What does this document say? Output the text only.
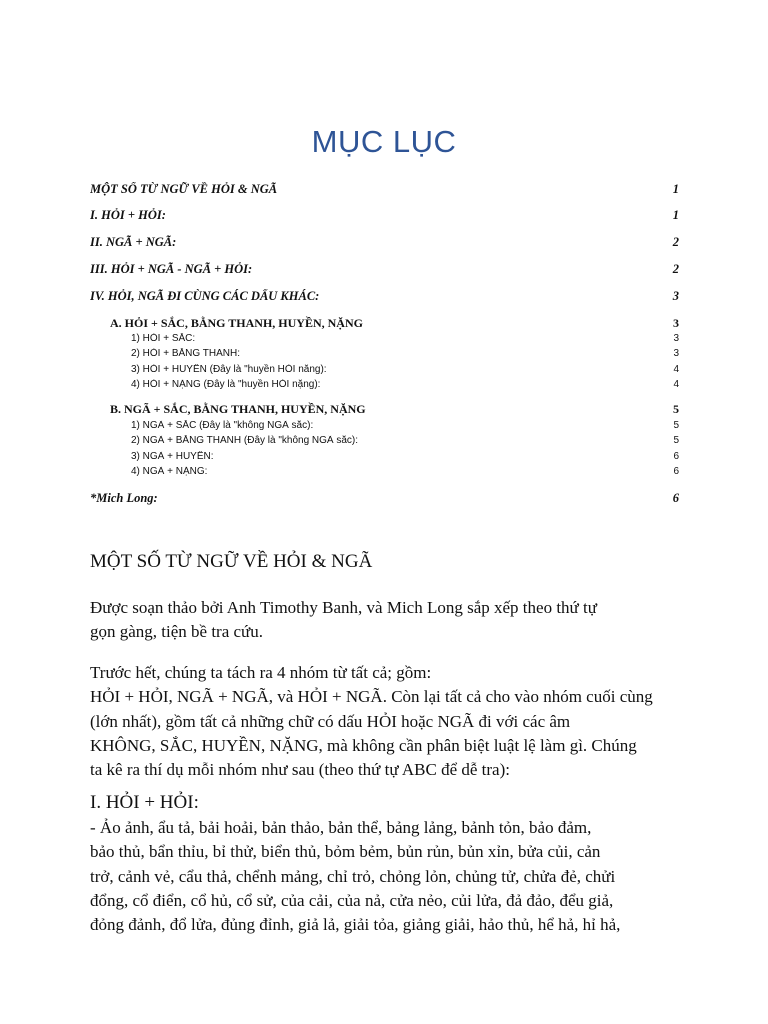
MỤC LỤC
MỘT SỐ TỪ NGỮ VỀ HỎI & NGÃ	1
I. HỎI + HỎI:	1
II. NGÃ + NGÃ:	2
III. HỎI + NGÃ - NGÃ + HỎI:	2
IV. HỎI, NGÃ ĐI CÙNG CÁC DẤU KHÁC:	3
A. HỎI + SẮC, BẰNG THANH, HUYỀN, NẶNG	3
1) HỎI + SẮC:	3
2) HỎI + BẰNG THANH:	3
3) HỎI + HUYỀN (Đây là "huyền HỎI năng):	4
4) HỎI + NẶNG (Đây là "huyền HỎI nặng):	4
B. NGÃ + SẮC, BẰNG THANH, HUYỀN, NẶNG	5
1) NGÃ + SẮC (Đây là "không NGÃ sắc):	5
2) NGÃ + BẰNG THANH (Đây là "không NGÃ sắc):	5
3) NGÃ + HUYỀN:	6
4) NGÃ + NẶNG:	6
*Mich Long:	6
MỘT SỐ TỪ NGỮ VỀ HỎI & NGÃ
Được soạn thảo bởi Anh Timothy Banh, và Mich Long sắp xếp theo thứ tự
gọn gàng, tiện bề tra cứu.
Trước hết, chúng ta tách ra 4 nhóm từ tất cả; gồm:
HỎI + HỎI, NGÃ + NGÃ, và HỎI + NGÃ. Còn lại tất cả cho vào nhóm cuối cùng
(lớn nhất), gồm tất cả những chữ có dấu HỎI hoặc NGÃ đi với các âm
KHÔNG, SẮC, HUYỀN, NẶNG, mà không cần phân biệt luật lệ làm gì. Chúng
ta kê ra thí dụ mỗi nhóm như sau (theo thứ tự ABC để dễ tra):
I. HỎI + HỎI:
- Ảo ảnh, ẩu tả, bải hoải, bản thảo, bản thể, bảng lảng, bảnh tỏn, bảo đảm,
bảo thủ, bẩn thỉu, bỉ thử, biển thủ, bỏm bẻm, bủn rủn, bủn xỉn, bửa củi, cản
trở, cảnh vẻ, cẩu thả, chểnh mảng, chỉ trỏ, chỏng lỏn, chủng tử, chửa đẻ, chửi
đổng, cổ điển, cổ hủ, cổ sử, của cải, của nả, cửa nẻo, củi lửa, đả đảo, đểu giả,
đỏng đảnh, đổ lửa, đủng đỉnh, giả lả, giải tỏa, giảng giải, hảo thủ, hể hả, hỉ hả,
